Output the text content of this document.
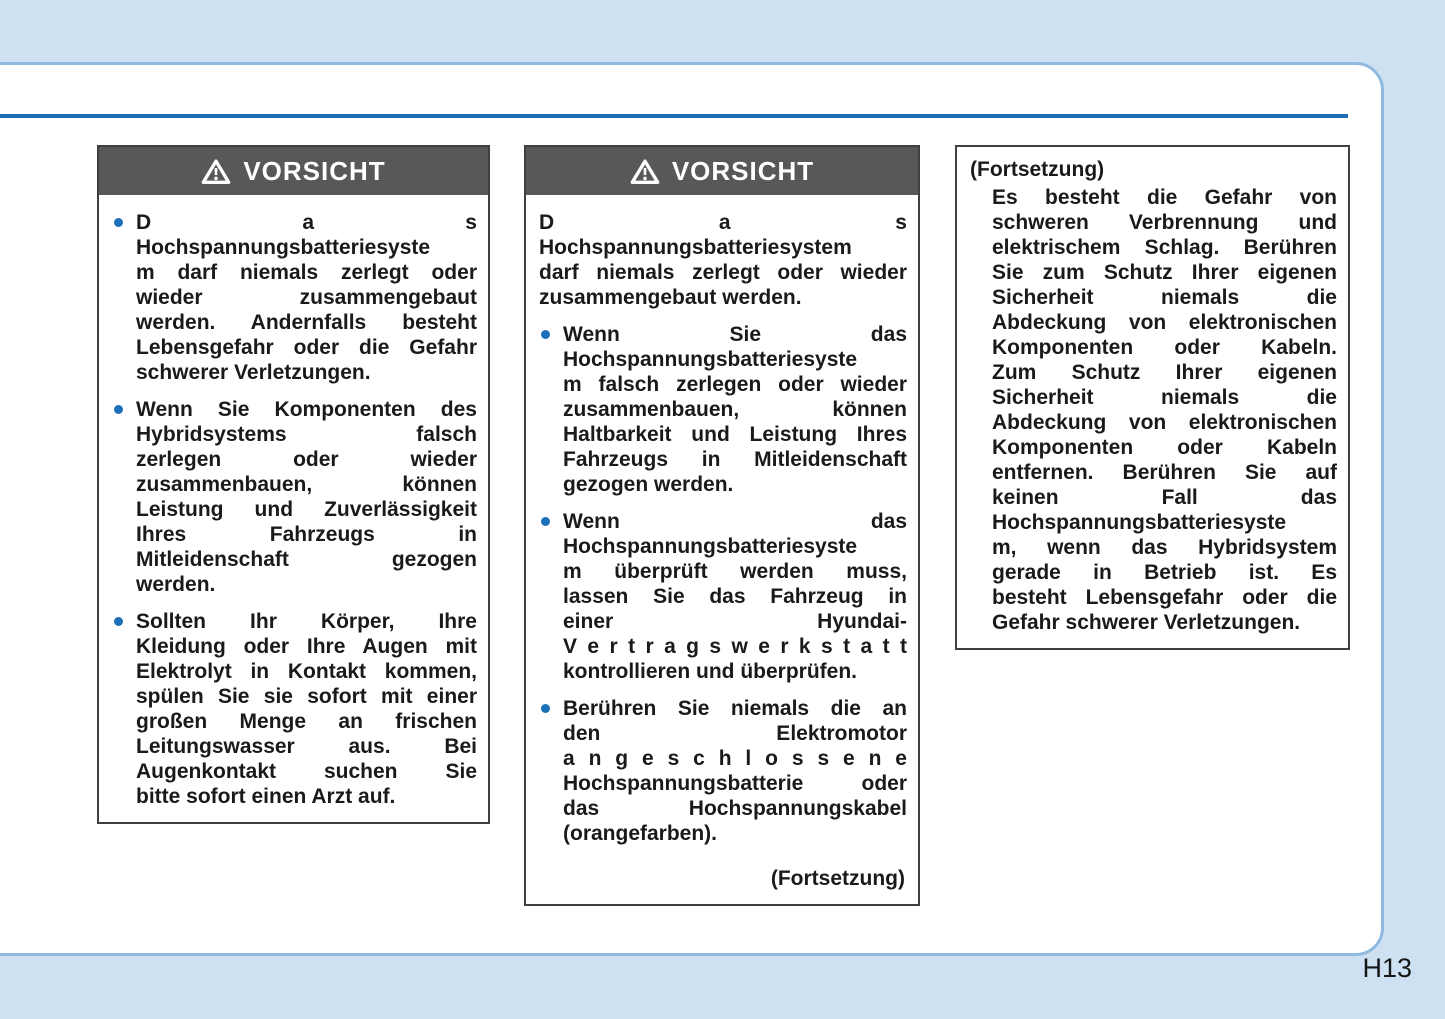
VORSICHT
D a s
Hochspannungsbatteriesyste
m darf niemals zerlegt oder
wieder zusammengebaut
werden. Andernfalls besteht
Lebensgefahr oder die Gefahr
schwerer Verletzungen.
Wenn Sie Komponenten des
Hybridsystems falsch
zerlegen oder wieder
zusammenbauen, können
Leistung und Zuverlässigkeit
Ihres Fahrzeugs in
Mitleidenschaft gezogen
werden.
Sollten Ihr Körper, Ihre
Kleidung oder Ihre Augen mit
Elektrolyt in Kontakt kommen,
spülen Sie sie sofort mit einer
großen Menge an frischen
Leitungswasser aus. Bei
Augenkontakt suchen Sie
bitte sofort einen Arzt auf.
VORSICHT
D a s
Hochspannungsbatteriesystem
darf niemals zerlegt oder wieder
zusammengebaut werden.
Wenn Sie das
Hochspannungsbatteriesyste
m falsch zerlegen oder wieder
zusammenbauen, können
Haltbarkeit und Leistung Ihres
Fahrzeugs in Mitleidenschaft
gezogen werden.
Wenn das
Hochspannungsbatteriesyste
m überprüft werden muss,
lassen Sie das Fahrzeug in
einer Hyundai-
V e r t r a g s w e r k s t a t t
kontrollieren und überprüfen.
Berühren Sie niemals die an
den Elektromotor
a n g e s c h l o s s e n e
Hochspannungsbatterie oder
das Hochspannungskabel
(orangefarben).
(Fortsetzung)
(Fortsetzung)
Es besteht die Gefahr von
schweren Verbrennung und
elektrischem Schlag. Berühren
Sie zum Schutz Ihrer eigenen
Sicherheit niemals die
Abdeckung von elektronischen
Komponenten oder Kabeln.
Zum Schutz Ihrer eigenen
Sicherheit niemals die
Abdeckung von elektronischen
Komponenten oder Kabeln
entfernen. Berühren Sie auf
keinen Fall das
Hochspannungsbatteriesyste
m, wenn das Hybridsystem
gerade in Betrieb ist. Es
besteht Lebensgefahr oder die
Gefahr schwerer Verletzungen.
H13
